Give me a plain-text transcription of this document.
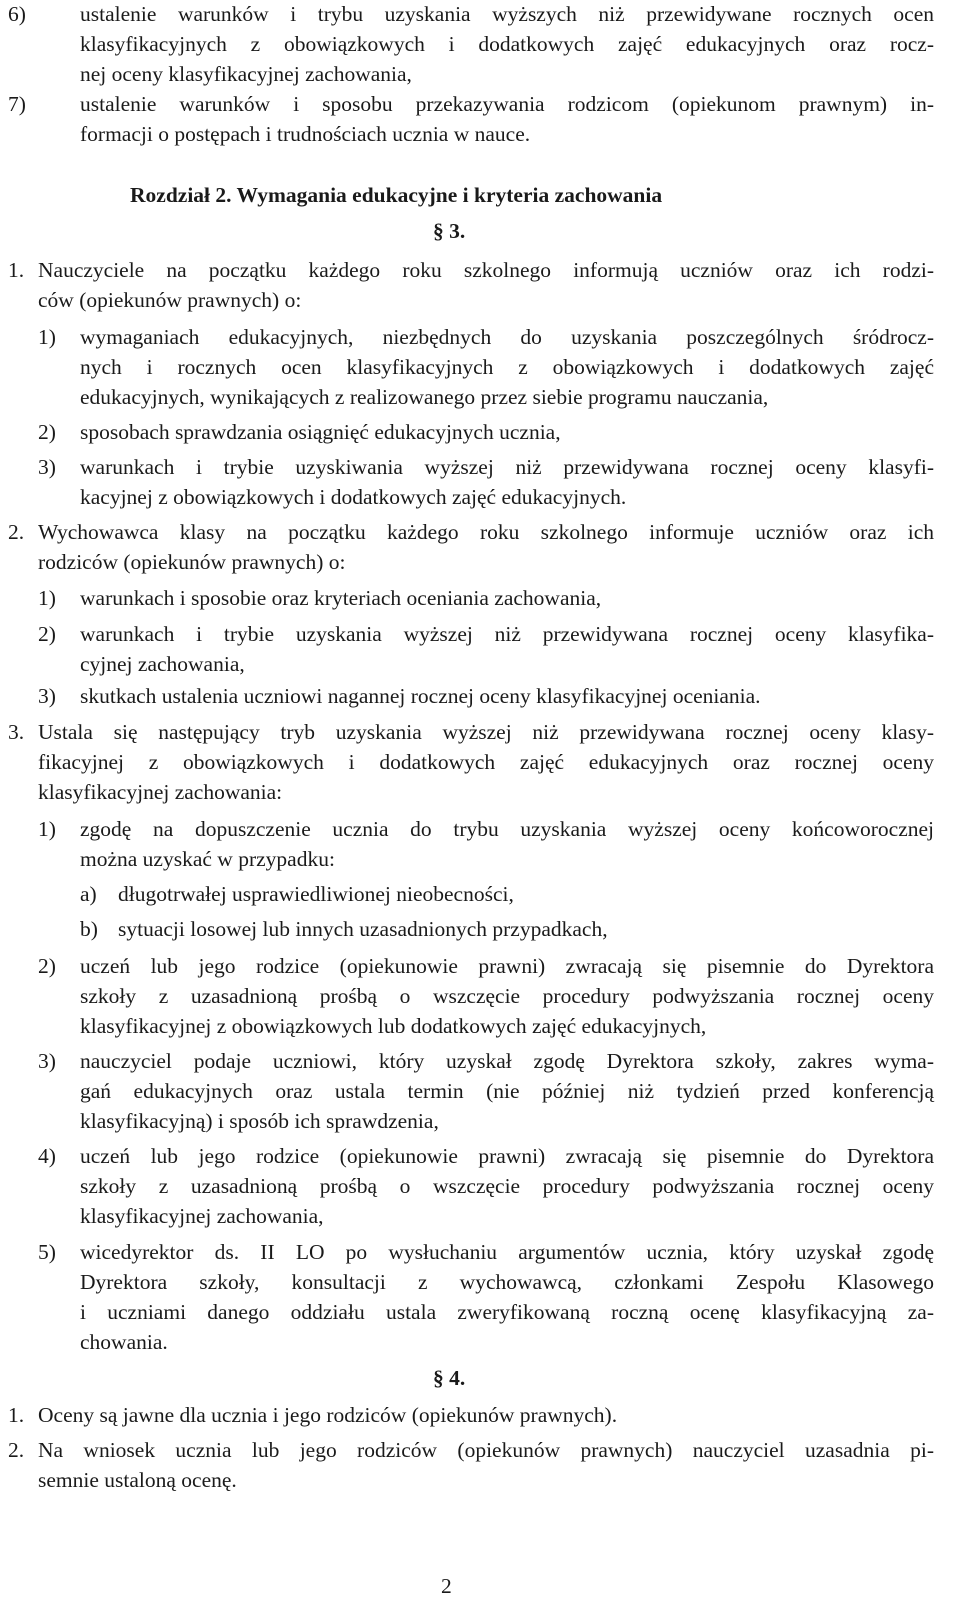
6)	ustalenie warunków i trybu uzyskania wyższych niż przewidywane rocznych ocen
klasyfikacyjnych z obowiązkowych i dodatkowych zajęć edukacyjnych oraz rocz-
nej oceny klasyfikacyjnej zachowania,
7)	ustalenie warunków i sposobu przekazywania rodzicom (opiekunom prawnym) in-
formacji o postępach i trudnościach ucznia w nauce.
Rozdział 2. Wymagania edukacyjne i kryteria zachowania
§ 3.
1. Nauczyciele na początku każdego roku szkolnego informują uczniów oraz ich rodzi-
ców (opiekunów prawnych) o:
1) wymaganiach edukacyjnych, niezbędnych do uzyskania poszczególnych śródrocz-
nych i rocznych ocen klasyfikacyjnych z obowiązkowych i dodatkowych zajęć
edukacyjnych, wynikających z realizowanego przez siebie programu nauczania,
2) sposobach sprawdzania osiągnięć edukacyjnych ucznia,
3) warunkach i trybie uzyskiwania wyższej niż przewidywana rocznej oceny klasyfi-
kacyjnej z obowiązkowych i dodatkowych zajęć edukacyjnych.
2. Wychowawca klasy na początku każdego roku szkolnego informuje uczniów oraz ich
rodziców (opiekunów prawnych) o:
1) warunkach i sposobie oraz kryteriach oceniania zachowania,
2) warunkach i trybie uzyskania wyższej niż przewidywana rocznej oceny klasyfika-
cyjnej zachowania,
3) skutkach ustalenia uczniowi nagannej rocznej oceny klasyfikacyjnej oceniania.
3. Ustala się następujący tryb uzyskania wyższej niż przewidywana rocznej oceny klasy-
fikacyjnej z obowiązkowych i dodatkowych zajęć edukacyjnych oraz rocznej oceny
klasyfikacyjnej zachowania:
1) zgodę na dopuszczenie ucznia do trybu uzyskania wyższej oceny końcoworocznej
można uzyskać w przypadku:
a) długotrwałej usprawiedliwionej nieobecności,
b) sytuacji losowej lub innych uzasadnionych przypadkach,
2) uczeń lub jego rodzice (opiekunowie prawni) zwracają się pisemnie do Dyrektora
szkoły z uzasadnioną prośbą o wszczęcie procedury podwyższania rocznej oceny
klasyfikacyjnej z obowiązkowych lub dodatkowych zajęć edukacyjnych,
3) nauczyciel podaje uczniowi, który uzyskał zgodę Dyrektora szkoły, zakres wyma-
gań edukacyjnych oraz ustala termin (nie później niż tydzień przed konferencją
klasyfikacyjną) i sposób ich sprawdzenia,
4) uczeń lub jego rodzice (opiekunowie prawni) zwracają się pisemnie do Dyrektora
szkoły z uzasadnioną prośbą o wszczęcie procedury podwyższania rocznej oceny
klasyfikacyjnej zachowania,
5) wicedyrektor ds. II LO po wysłuchaniu argumentów ucznia, który uzyskał zgodę
Dyrektora szkoły, konsultacji z wychowawcą, członkami Zespołu Klasowego
i uczniami danego oddziału ustala zweryfikowaną roczną ocenę klasyfikacyjną za-
chowania.
§ 4.
1. Oceny są jawne dla ucznia i jego rodziców (opiekunów prawnych).
2. Na wniosek ucznia lub jego rodziców (opiekunów prawnych) nauczyciel uzasadnia pi-
semnie ustaloną ocenę.
2
